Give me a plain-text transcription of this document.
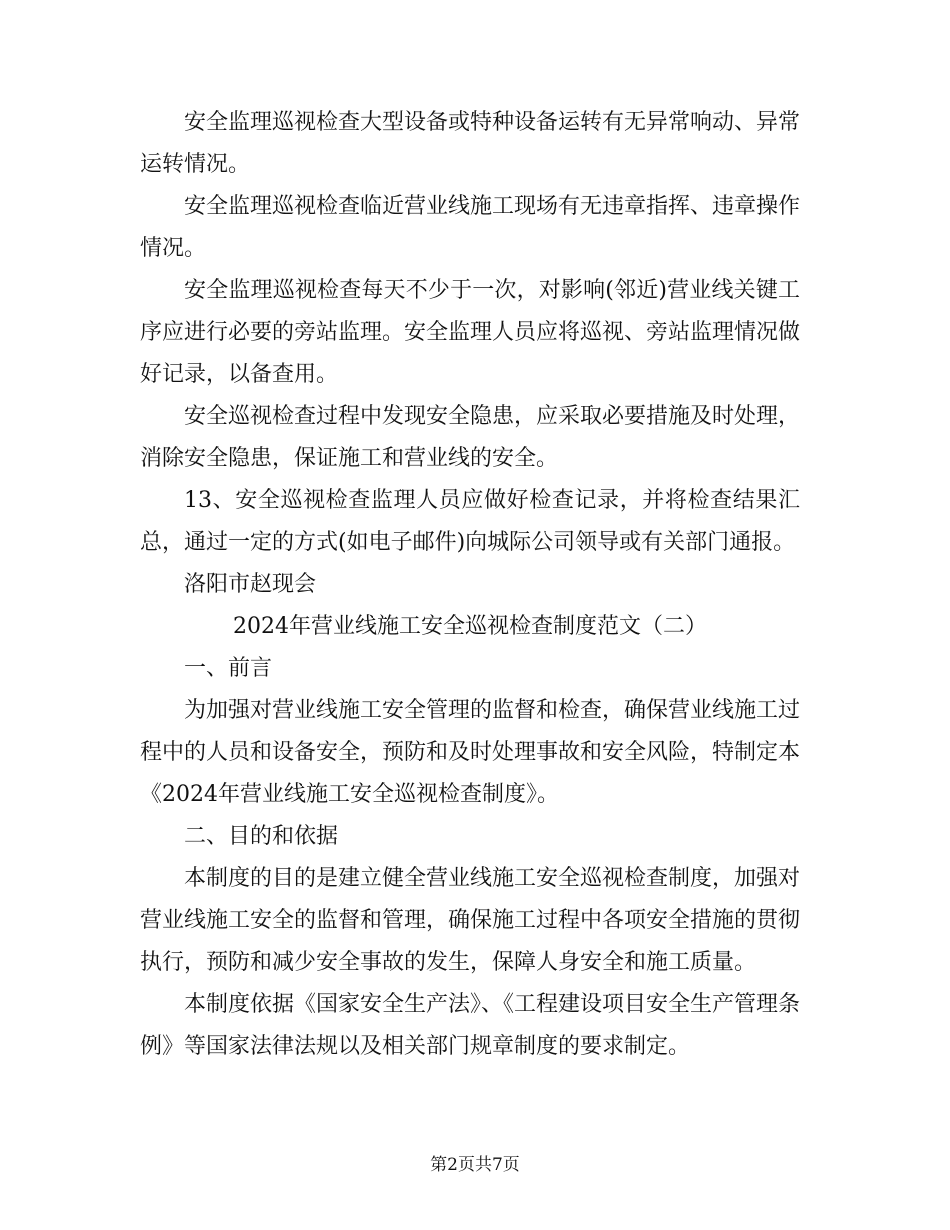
安全监理巡视检查大型设备或特种设备运转有无异常响动、异常运转情况。

安全监理巡视检查临近营业线施工现场有无违章指挥、违章操作情况。

安全监理巡视检查每天不少于一次，对影响(邻近)营业线关键工序应进行必要的旁站监理。安全监理人员应将巡视、旁站监理情况做好记录，以备查用。

安全巡视检查过程中发现安全隐患，应采取必要措施及时处理，消除安全隐患，保证施工和营业线的安全。

13、安全巡视检查监理人员应做好检查记录，并将检查结果汇总，通过一定的方式(如电子邮件)向城际公司领导或有关部门通报。

洛阳市赵现会

2024年营业线施工安全巡视检查制度范文（二）

一、前言

为加强对营业线施工安全管理的监督和检查，确保营业线施工过程中的人员和设备安全，预防和及时处理事故和安全风险，特制定本《2024年营业线施工安全巡视检查制度》。

二、目的和依据

本制度的目的是建立健全营业线施工安全巡视检查制度，加强对营业线施工安全的监督和管理，确保施工过程中各项安全措施的贯彻执行，预防和减少安全事故的发生，保障人身安全和施工质量。

本制度依据《国家安全生产法》、《工程建设项目安全生产管理条例》等国家法律法规以及相关部门规章制度的要求制定。

第2页共7页
